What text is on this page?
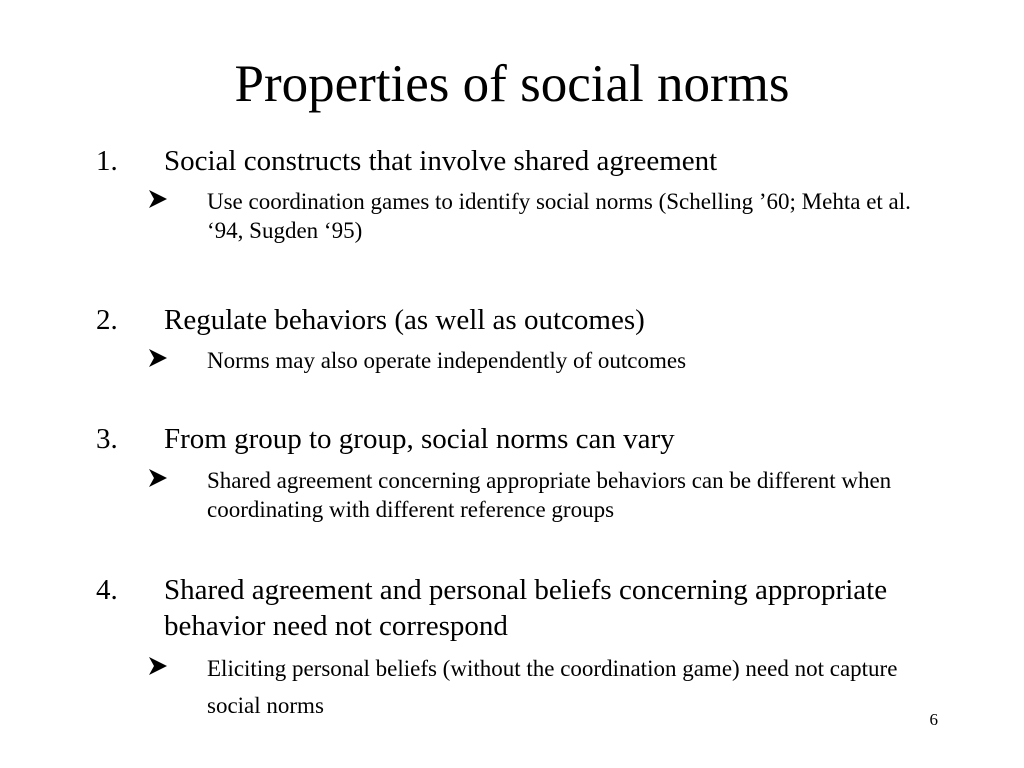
Properties of social norms
1. Social constructs that involve shared agreement
Use coordination games to identify social norms (Schelling ’60; Mehta et al. ‘94, Sugden ‘95)
2. Regulate behaviors (as well as outcomes)
Norms may also operate independently of outcomes
3. From group to group, social norms can vary
Shared agreement concerning appropriate behaviors can be different when coordinating with different reference groups
4. Shared agreement and personal beliefs concerning appropriate behavior need not correspond
Eliciting personal beliefs (without the coordination game) need not capture social norms
6
